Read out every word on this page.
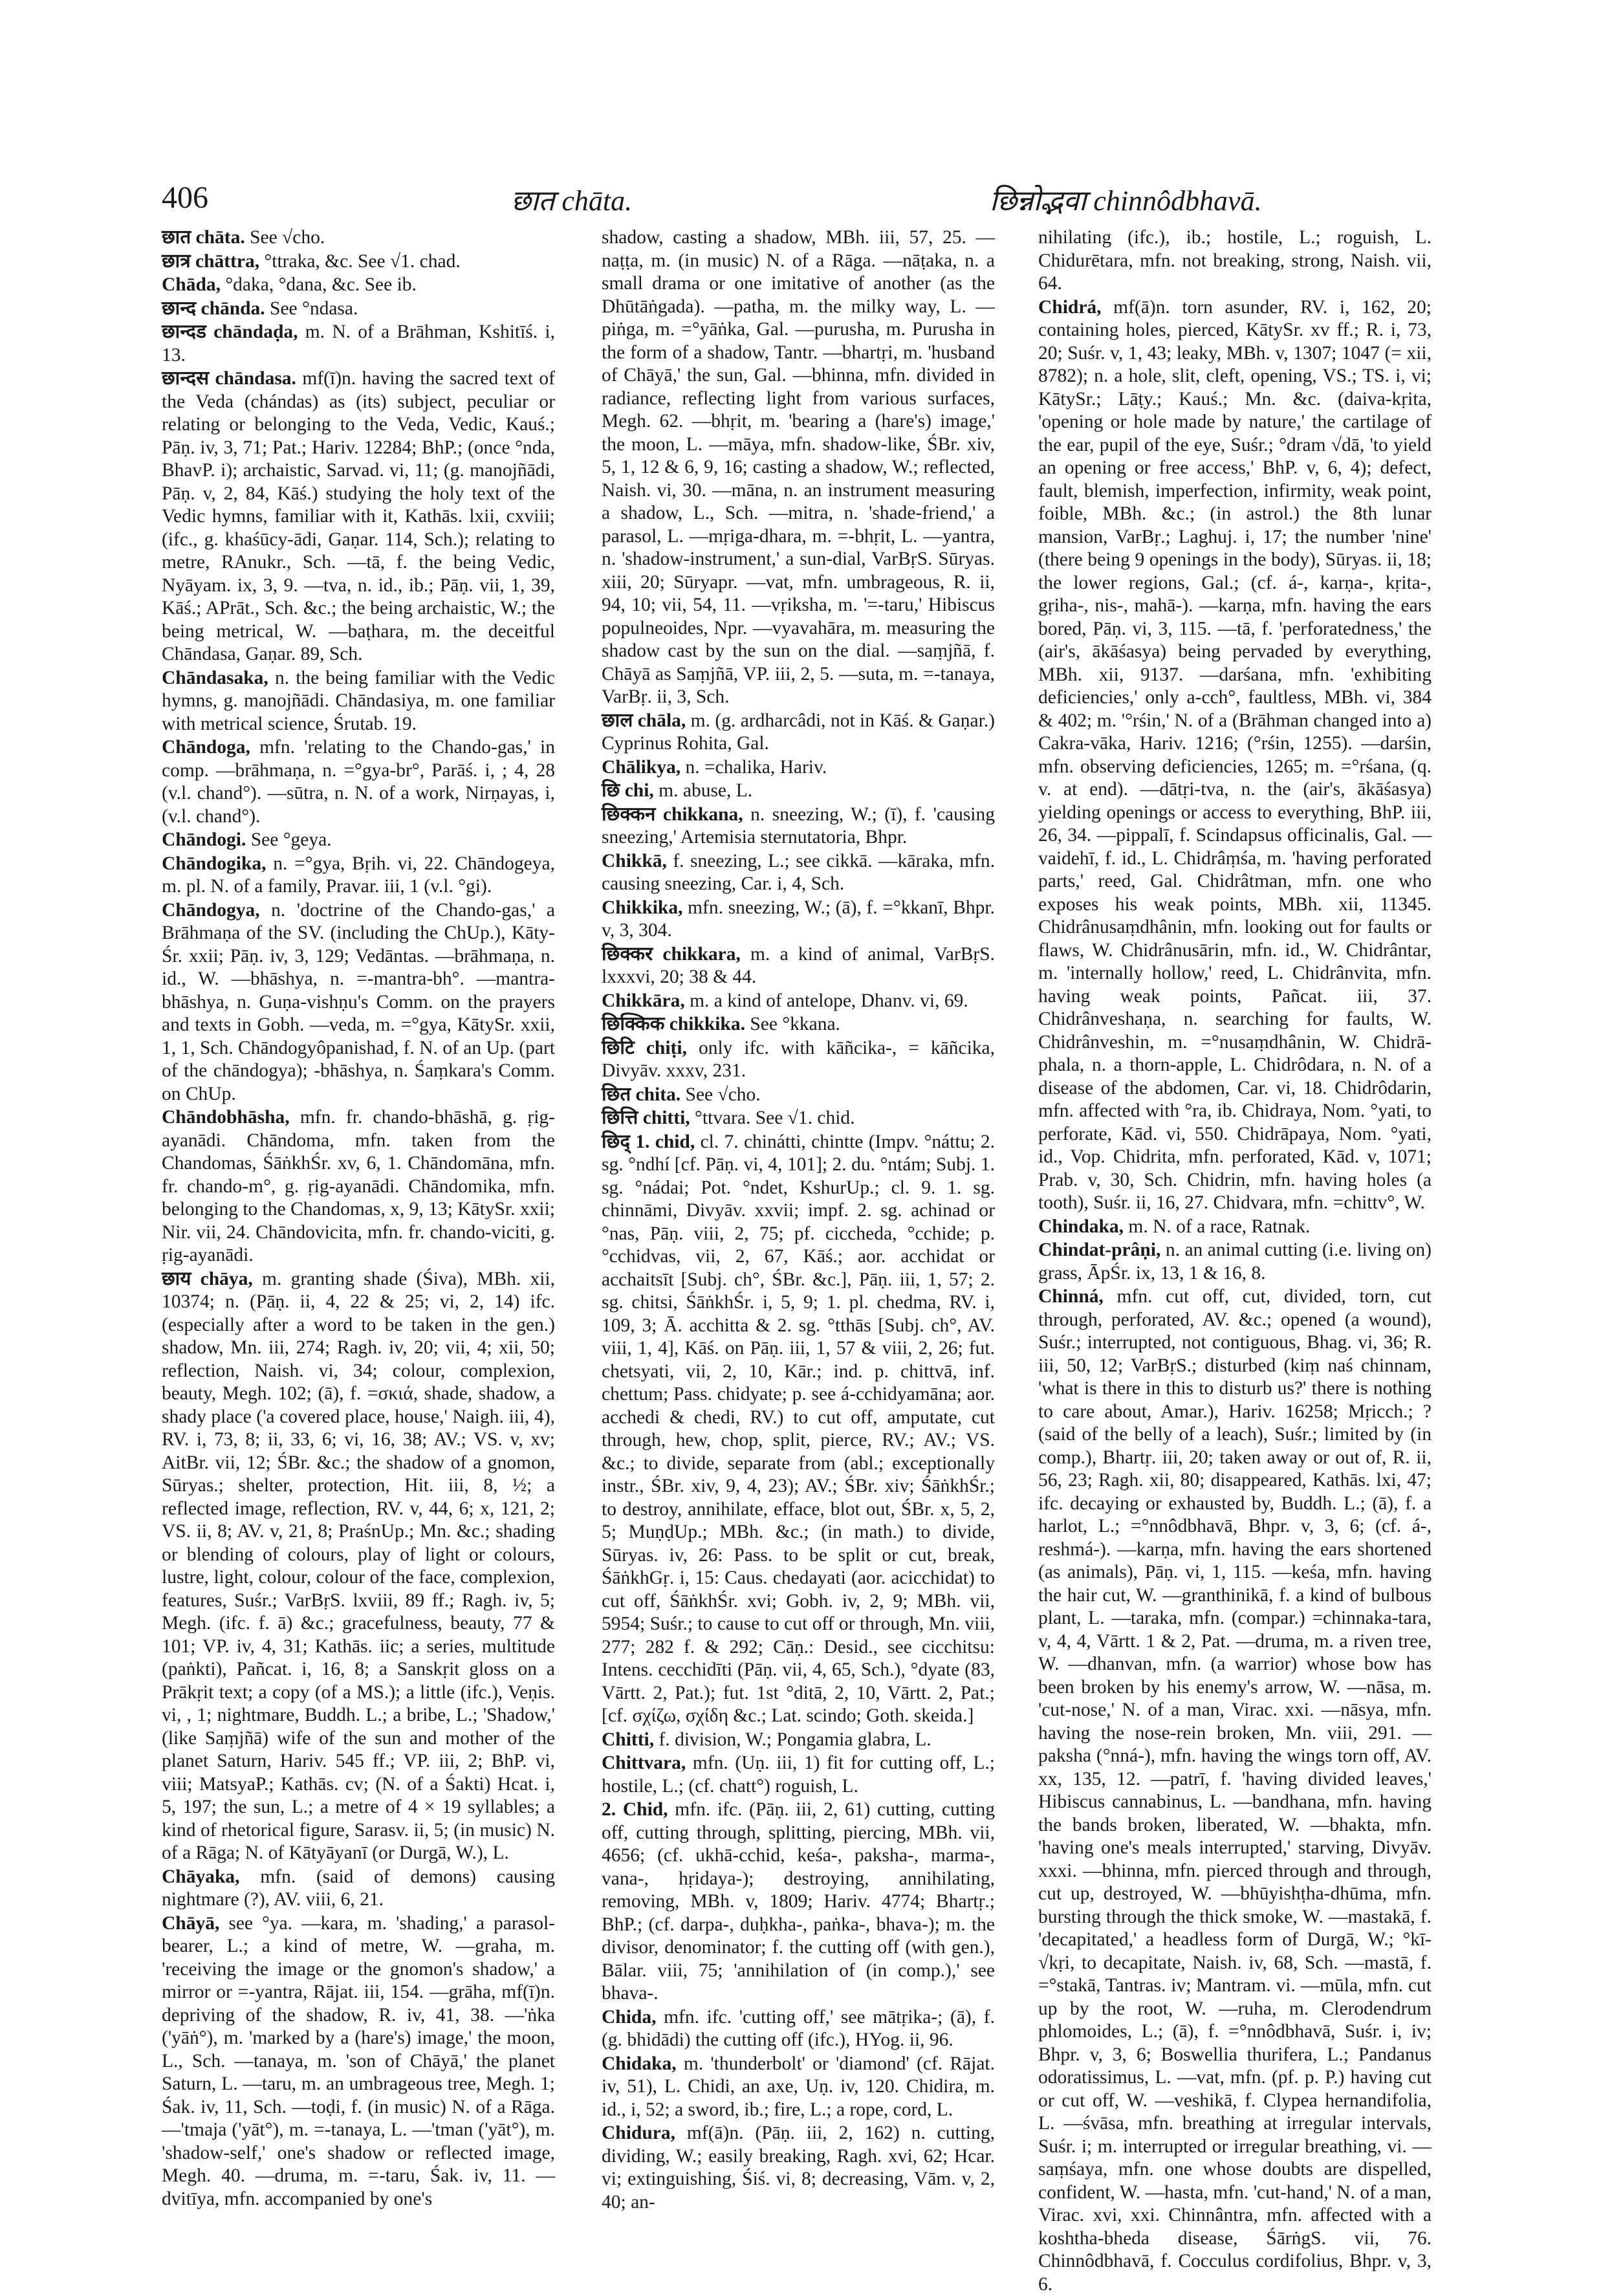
406	छात chāta.	छिन्नोद्भवा chinnôdbhavā.

छात chāta. See √cho.

छात्र chāttra, °ttraka, &c. See √1. chad.

Chāda, °daka, °dana, &c. See ib.

छान्द chānda. See °ndasa.

छान्दड chāndaḍa, m. N. of a Brāhman, Kshitīś. i, 13.

छान्दस chāndasa. mf(ī)n. having the sacred text of the Veda (chándas) as (its) subject, peculiar or relating or belonging to the Veda, Vedic, Kauś.; Pāṇ. iv, 3, 71; Pat.; Hariv. 12284; BhP.; (once °nda, BhavP. i); archaistic, Sarvad. vi, 11; (g. manojñādi, Pāṇ. v, 2, 84, Kāś.) studying the holy text of the Vedic hymns, familiar with it, Kathās. lxii, cxviii; (ifc., g. khaśūcy-ādi, Gaṇar. 114, Sch.); relating to metre, RAnukr., Sch. —tā, f. the being Vedic, Nyāyam. ix, 3, 9. —tva, n. id., ib.; Pāṇ. vii, 1, 39, Kāś.; APrāt., Sch. &c.; the being archaistic, W.; the being metrical, W. —baṭhara, m. the deceitful Chāndasa, Gaṇar. 89, Sch.

Chāndasaka, n. the being familiar with the Vedic hymns, g. manojñādi. Chāndasiya, m. one familiar with metrical science, Śrutab. 19.

Chāndoga, mfn. 'relating to the Chando-gas,' in comp. —brāhmaṇa, n. =°gya-br°, Parāś. i, ; 4, 28 (v.l. chand°). —sūtra, n. N. of a work, Nirṇayas, i, (v.l. chand°).

Chāndogi. See °geya.

Chāndogika, n. =°gya, Bṛih. vi, 22. Chāndogeya, m. pl. N. of a family, Pravar. iii, 1 (v.l. °gi).

Chāndogya, n. 'doctrine of the Chando-gas,' a Brāhmaṇa of the SV. (including the ChUp.), Kāty-Śr. xxii; Pāṇ. iv, 3, 129; Vedāntas. —brāhmaṇa, n. id., W. —bhāshya, n. =-mantra-bh°. —mantra-bhāshya, n. Guṇa-vishṇu's Comm. on the prayers and texts in Gobh. —veda, m. =°gya, KātySr. xxii, 1, 1, Sch. Chāndogyôpanishad, f. N. of an Up. (part of the chāndogya); -bhāshya, n. Śaṃkara's Comm. on ChUp.

Chāndobhāsha, mfn. fr. chando-bhāshā, g. ṛig-ayanādi. Chāndoma, mfn. taken from the Chandomas, ŚāṅkhŚr. xv, 6, 1. Chāndomāna, mfn. fr. chando-m°, g. ṛig-ayanādi. Chāndomika, mfn. belonging to the Chandomas, x, 9, 13; KātySr. xxii; Nir. vii, 24. Chāndovicita, mfn. fr. chando-viciti, g. ṛig-ayanādi.

छाय chāya, m. granting shade (Śiva), MBh. xii, 10374; n. (Pāṇ. ii, 4, 22 & 25; vi, 2, 14) ifc. (especially after a word to be taken in the gen.) shadow, Mn. iii, 274; Ragh. iv, 20; vii, 4; xii, 50; reflection, Naish. vi, 34; colour, complexion, beauty, Megh. 102; (ā), f. =σκιά, shade, shadow, a shady place ('a covered place, house,' Naigh. iii, 4), RV. i, 73, 8; ii, 33, 6; vi, 16, 38; AV.; VS. v, xv; AitBr. vii, 12; ŚBr. &c.; the shadow of a gnomon, Sūryas.; shelter, protection, Hit. iii, 8, ½; a reflected image, reflection, RV. v, 44, 6; x, 121, 2; VS. ii, 8; AV. v, 21, 8; PraśnUp.; Mn. &c.; shading or blending of colours, play of light or colours, lustre, light, colour, colour of the face, complexion, features, Suśr.; VarBṛS. lxviii, 89 ff.; Ragh. iv, 5; Megh. (ifc. f. ā) &c.; gracefulness, beauty, 77 & 101; VP. iv, 4, 31; Kathās. iic; a series, multitude (paṅkti), Pañcat. i, 16, 8; a Sanskṛit gloss on a Prākṛit text; a copy (of a MS.); a little (ifc.), Veṇis. vi, , 1; nightmare, Buddh. L.; a bribe, L.; 'Shadow,' (like Saṃjñā) wife of the sun and mother of the planet Saturn, Hariv. 545 ff.; VP. iii, 2; BhP. vi, viii; MatsyaP.; Kathās. cv; (N. of a Śakti) Hcat. i, 5, 197; the sun, L.; a metre of 4 × 19 syllables; a kind of rhetorical figure, Sarasv. ii, 5; (in music) N. of a Rāga; N. of Kātyāyanī (or Durgā, W.), L.

Chāyaka, mfn. (said of demons) causing nightmare (?), AV. viii, 6, 21.

Chāyā, see °ya. —kara, m. 'shading,' a parasol-bearer, L.; a kind of metre, W. —graha, m. 'receiving the image or the gnomon's shadow,' a mirror or =-yantra, Rājat. iii, 154. —grāha, mf(ī)n. depriving of the shadow, R. iv, 41, 38. —'ṅka ('yāṅ°), m. 'marked by a (hare's) image,' the moon, L., Sch. —tanaya, m. 'son of Chāyā,' the planet Saturn, L. —taru, m. an umbrageous tree, Megh. 1; Śak. iv, 11, Sch. —toḍi, f. (in music) N. of a Rāga. —'tmaja ('yāt°), m. =-tanaya, L. —'tman ('yāt°), m. 'shadow-self,' one's shadow or reflected image, Megh. 40. —druma, m. =-taru, Śak. iv, 11. —dvitīya, mfn. accompanied by one's

shadow, casting a shadow, MBh. iii, 57, 25. —naṭṭa, m. (in music) N. of a Rāga. —nāṭaka, n. a small drama or one imitative of another (as the Dhūtāṅgada). —patha, m. the milky way, L. —piṅga, m. =°yāṅka, Gal. —purusha, m. Purusha in the form of a shadow, Tantr. —bhartṛi, m. 'husband of Chāyā,' the sun, Gal. —bhinna, mfn. divided in radiance, reflecting light from various surfaces, Megh. 62. —bhṛit, m. 'bearing a (hare's) image,' the moon, L. —māya, mfn. shadow-like, ŚBr. xiv, 5, 1, 12 & 6, 9, 16; casting a shadow, W.; reflected, Naish. vi, 30. —māna, n. an instrument measuring a shadow, L., Sch. —mitra, n. 'shade-friend,' a parasol, L. —mṛiga-dhara, m. =-bhṛit, L. —yantra, n. 'shadow-instrument,' a sun-dial, VarBṛS. Sūryas. xiii, 20; Sūryapr. —vat, mfn. umbrageous, R. ii, 94, 10; vii, 54, 11. —vṛiksha, m. '=-taru,' Hibiscus populneoides, Npr. —vyavahāra, m. measuring the shadow cast by the sun on the dial. —saṃjñā, f. Chāyā as Saṃjñā, VP. iii, 2, 5. —suta, m. =-tanaya, VarBṛ. ii, 3, Sch.

छाल chāla, m. (g. ardharcâdi, not in Kāś. & Gaṇar.) Cyprinus Rohita, Gal.

Chālikya, n. =chalika, Hariv.

छि chi, m. abuse, L.

छिक्कन chikkana, n. sneezing, W.; (ī), f. 'causing sneezing,' Artemisia sternutatoria, Bhpr.

Chikkā, f. sneezing, L.; see cikkā. —kāraka, mfn. causing sneezing, Car. i, 4, Sch.

Chikkika, mfn. sneezing, W.; (ā), f. =°kkanī, Bhpr. v, 3, 304.

छिक्कर chikkara, m. a kind of animal, VarBṛS. lxxxvi, 20; 38 & 44.

Chikkāra, m. a kind of antelope, Dhanv. vi, 69.

छिक्किक chikkika. See °kkana.

छिटि chiṭi, only ifc. with kāñcika-, = kāñcika, Divyāv. xxxv, 231.

छित chita. See √cho.

छित्ति chitti, °ttvara. See √1. chid.

छिद् 1. chid, cl. 7. chinátti, chintte (Impv. °náttu; 2. sg. °ndhí [cf. Pāṇ. vi, 4, 101]; 2. du. °ntám; Subj. 1. sg. °nádai; Pot. °ndet, KshurUp.; cl. 9. 1. sg. chinnāmi, Divyāv. xxvii; impf. 2. sg. achinad or °nas, Pāṇ. viii, 2, 75; pf. ciccheda, °cchide; p. °cchidvas, vii, 2, 67, Kāś.; aor. acchidat or acchaitsīt [Subj. ch°, ŚBr. &c.], Pāṇ. iii, 1, 57; 2. sg. chitsi, ŚāṅkhŚr. i, 5, 9; 1. pl. chedma, RV. i, 109, 3; Ā. acchitta & 2. sg. °tthās [Subj. ch°, AV. viii, 1, 4], Kāś. on Pāṇ. iii, 1, 57 & viii, 2, 26; fut. chetsyati, vii, 2, 10, Kār.; ind. p. chittvā, inf. chettum; Pass. chidyate; p. see á-cchidyamāna; aor. acchedi & chedi, RV.) to cut off, amputate, cut through, hew, chop, split, pierce, RV.; AV.; VS. &c.; to divide, separate from (abl.; exceptionally instr., ŚBr. xiv, 9, 4, 23); AV.; ŚBr. xiv; ŚāṅkhŚr.; to destroy, annihilate, efface, blot out, ŚBr. x, 5, 2, 5; MuṇḍUp.; MBh. &c.; (in math.) to divide, Sūryas. iv, 26: Pass. to be split or cut, break, ŚāṅkhGṛ. i, 15: Caus. chedayati (aor. acicchidat) to cut off, ŚāṅkhŚr. xvi; Gobh. iv, 2, 9; MBh. vii, 5954; Suśr.; to cause to cut off or through, Mn. viii, 277; 282 f. & 292; Cāṇ.: Desid., see cicchitsu: Intens. cecchidīti (Pāṇ. vii, 4, 65, Sch.), °dyate (83, Vārtt. 2, Pat.); fut. 1st °ditā, 2, 10, Vārtt. 2, Pat.; [cf. σχίζω, σχίδη &c.; Lat. scindo; Goth. skeida.]

Chitti, f. division, W.; Pongamia glabra, L.

Chittvara, mfn. (Uṇ. iii, 1) fit for cutting off, L.; hostile, L.; (cf. chatt°) roguish, L.

2. Chid, mfn. ifc. (Pāṇ. iii, 2, 61) cutting, cutting off, cutting through, splitting, piercing, MBh. vii, 4656; (cf. ukhā-cchid, keśa-, paksha-, marma-, vana-, hṛidaya-); destroying, annihilating, removing, MBh. v, 1809; Hariv. 4774; Bhartṛ.; BhP.; (cf. darpa-, duḥkha-, paṅka-, bhava-); m. the divisor, denominator; f. the cutting off (with gen.), Bālar. viii, 75; 'annihilation of (in comp.),' see bhava-.

Chida, mfn. ifc. 'cutting off,' see mātṛika-; (ā), f. (g. bhidādi) the cutting off (ifc.), HYog. ii, 96.

Chidaka, m. 'thunderbolt' or 'diamond' (cf. Rājat. iv, 51), L. Chidi, an axe, Uṇ. iv, 120. Chidira, m. id., i, 52; a sword, ib.; fire, L.; a rope, cord, L.

Chidura, mf(ā)n. (Pāṇ. iii, 2, 162) n. cutting, dividing, W.; easily breaking, Ragh. xvi, 62; Hcar. vi; extinguishing, Śiś. vi, 8; decreasing, Vām. v, 2, 40; an-

nihilating (ifc.), ib.; hostile, L.; roguish, L. Chidurētara, mfn. not breaking, strong, Naish. vii, 64.

Chidrá, mf(ā)n. torn asunder, RV. i, 162, 20; containing holes, pierced, KātySr. xv ff.; R. i, 73, 20; Suśr. v, 1, 43; leaky, MBh. v, 1307; 1047 (= xii, 8782); n. a hole, slit, cleft, opening, VS.; TS. i, vi; KātySr.; Lāṭy.; Kauś.; Mn. &c. (daiva-kṛita, 'opening or hole made by nature,' the cartilage of the ear, pupil of the eye, Suśr.; °dram √dā, 'to yield an opening or free access,' BhP. v, 6, 4); defect, fault, blemish, imperfection, infirmity, weak point, foible, MBh. &c.; (in astrol.) the 8th lunar mansion, VarBṛ.; Laghuj. i, 17; the number 'nine' (there being 9 openings in the body), Sūryas. ii, 18; the lower regions, Gal.; (cf. á-, karṇa-, kṛita-, gṛiha-, nis-, mahā-). —karṇa, mfn. having the ears bored, Pāṇ. vi, 3, 115. —tā, f. 'perforatedness,' the (air's, ākāśasya) being pervaded by everything, MBh. xii, 9137. —darśana, mfn. 'exhibiting deficiencies,' only a-cch°, faultless, MBh. vi, 384 & 402; m. '°rśin,' N. of a (Brāhman changed into a) Cakra-vāka, Hariv. 1216; (°rśin, 1255). —darśin, mfn. observing deficiencies, 1265; m. =°rśana, (q. v. at end). —dātṛi-tva, n. the (air's, ākāśasya) yielding openings or access to everything, BhP. iii, 26, 34. —pippalī, f. Scindapsus officinalis, Gal. —vaidehī, f. id., L. Chidrâṃśa, m. 'having perforated parts,' reed, Gal. Chidrâtman, mfn. one who exposes his weak points, MBh. xii, 11345. Chidrânusaṃdhânin, mfn. looking out for faults or flaws, W. Chidrânusārin, mfn. id., W. Chidrântar, m. 'internally hollow,' reed, L. Chidrânvita, mfn. having weak points, Pañcat. iii, 37. Chidrânveshaṇa, n. searching for faults, W. Chidrânveshin, m. =°nusaṃdhânin, W. Chidrā-phala, n. a thorn-apple, L. Chidrôdara, n. N. of a disease of the abdomen, Car. vi, 18. Chidrôdarin, mfn. affected with °ra, ib. Chidraya, Nom. °yati, to perforate, Kād. vi, 550. Chidrāpaya, Nom. °yati, id., Vop. Chidrita, mfn. perforated, Kād. v, 1071; Prab. v, 30, Sch. Chidrin, mfn. having holes (a tooth), Suśr. ii, 16, 27. Chidvara, mfn. =chittv°, W.

Chindaka, m. N. of a race, Ratnak.

Chindat-prâṇi, n. an animal cutting (i.e. living on) grass, ĀpŚr. ix, 13, 1 & 16, 8.

Chinná, mfn. cut off, cut, divided, torn, cut through, perforated, AV. &c.; opened (a wound), Suśr.; interrupted, not contiguous, Bhag. vi, 36; R. iii, 50, 12; VarBṛS.; disturbed (kiṃ naś chinnam, 'what is there in this to disturb us?' there is nothing to care about, Amar.), Hariv. 16258; Mṛicch.; ? (said of the belly of a leach), Suśr.; limited by (in comp.), Bhartṛ. iii, 20; taken away or out of, R. ii, 56, 23; Ragh. xii, 80; disappeared, Kathās. lxi, 47; ifc. decaying or exhausted by, Buddh. L.; (ā), f. a harlot, L.; =°nnôdbhavā, Bhpr. v, 3, 6; (cf. á-, reshmá-). —karṇa, mfn. having the ears shortened (as animals), Pāṇ. vi, 1, 115. —keśa, mfn. having the hair cut, W. —granthinikā, f. a kind of bulbous plant, L. —taraka, mfn. (compar.) =chinnaka-tara, v, 4, 4, Vārtt. 1 & 2, Pat. —druma, m. a riven tree, W. —dhanvan, mfn. (a warrior) whose bow has been broken by his enemy's arrow, W. —nāsa, m. 'cut-nose,' N. of a man, Virac. xxi. —nāsya, mfn. having the nose-rein broken, Mn. viii, 291. —paksha (°nná-), mfn. having the wings torn off, AV. xx, 135, 12. —patrī, f. 'having divided leaves,' Hibiscus cannabinus, L. —bandhana, mfn. having the bands broken, liberated, W. —bhakta, mfn. 'having one's meals interrupted,' starving, Divyāv. xxxi. —bhinna, mfn. pierced through and through, cut up, destroyed, W. —bhūyishṭha-dhūma, mfn. bursting through the thick smoke, W. —mastakā, f. 'decapitated,' a headless form of Durgā, W.; °kī-√kṛi, to decapitate, Naish. iv, 68, Sch. —mastā, f. =°stakā, Tantras. iv; Mantram. vi. —mūla, mfn. cut up by the root, W. —ruha, m. Clerodendrum phlomoides, L.; (ā), f. =°nnôdbhavā, Suśr. i, iv; Bhpr. v, 3, 6; Boswellia thurifera, L.; Pandanus odoratissimus, L. —vat, mfn. (pf. p. P.) having cut or cut off, W. —veshikā, f. Clypea hernandifolia, L. —śvāsa, mfn. breathing at irregular intervals, Suśr. i; m. interrupted or irregular breathing, vi. —saṃśaya, mfn. one whose doubts are dispelled, confident, W. —hasta, mfn. 'cut-hand,' N. of a man, Virac. xvi, xxi. Chinnântra, mfn. affected with a koshtha-bheda disease, ŚārṅgS. vii, 76. Chinnôdbhavā, f. Cocculus cordifolius, Bhpr. v, 3, 6.
